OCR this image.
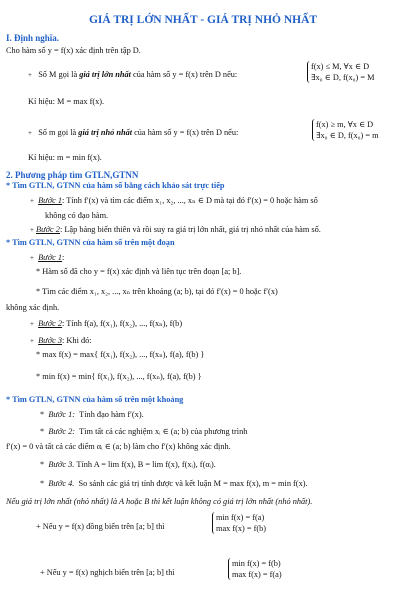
GIÁ TRỊ LỚN NHẤT - GIÁ TRỊ NHỎ NHẤT
I. Định nghĩa.
Cho hàm số y = f(x) xác định trên tập D.
+ Số M gọi là giá trị lớn nhất của hàm số y = f(x) trên D nếu:
f(x) ≤ M, ∀x ∈ D
∃x₀ ∈ D, f(x₀) = M
Kí hiệu: M = max f(x).
+ Số m gọi là giá trị nhỏ nhất của hàm số y = f(x) trên D nếu:
f(x) ≥ m, ∀x ∈ D
∃x₀ ∈ D, f(x₀) = m
Kí hiệu: m = min f(x).
2. Phương pháp tìm GTLN,GTNN
* Tìm GTLN, GTNN của hàm số bằng cách khảo sát trực tiếp
+ Bước 1: Tính f′(x) và tìm các điểm x₁, x₂, ..., xₙ ∈ D mà tại đó f′(x) = 0 hoặc hàm số
không có đạo hàm.
+ Bước 2: Lập bảng biến thiên và rồi suy ra giá trị lớn nhất, giá trị nhỏ nhất của hàm số.
* Tìm GTLN, GTNN của hàm số trên một đoạn
+ Bước 1:
* Hàm số đã cho y = f(x) xác định và liên tục trên đoạn [a; b].
* Tìm các điểm x₁, x₂, ..., xₙ trên khoảng (a; b), tại đó f′(x) = 0 hoặc f′(x)
không xác định.
+ Bước 2: Tính f(a), f(x₁), f(x₂), ..., f(xₙ), f(b)
+ Bước 3: Khi đó:
* max f(x) = max{ f(x₁), f(x₂), ..., f(xₙ), f(a), f(b) }
* min f(x) = min{ f(x₁), f(x₂), ..., f(xₙ), f(a), f(b) }
* Tìm GTLN, GTNN của hàm số trên một khoảng
* Bước 1: Tính đạo hàm f′(x).
* Bước 2: Tìm tất cả các nghiệm xᵢ ∈ (a; b) của phương trình
f′(x) = 0 và tất cả các điểm αᵢ ∈ (a; b) làm cho f′(x) không xác định.
* Bước 3. Tính A = lim f(x), B = lim f(x), f(xᵢ), f(αᵢ).
* Bước 4. So sánh các giá trị tính được và kết luận M = max f(x), m = min f(x).
Nếu giá trị lớn nhất (nhỏ nhất) là A hoặc B thì kết luận không có giá trị lớn nhất (nhỏ nhất).
+ Nếu y = f(x) đồng biến trên [a; b] thì
min f(x) = f(a)
max f(x) = f(b)
+ Nếu y = f(x) nghịch biến trên [a; b] thì
min f(x) = f(b)
max f(x) = f(a)
